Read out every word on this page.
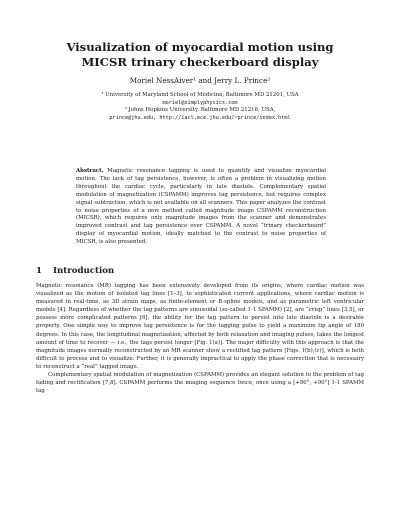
Visualization of myocardial motion using
MICSR trinary checkerboard display
Moriel NessAiver¹ and Jerry L. Prince²
¹ University of Maryland School of Medicine, Baltimore MD 21201, USA
moriel@simplyphysics.com
² Johns Hopkins University, Baltimore MD 21218, USA,
prince@jhu.edu, http://iacl.ece.jhu.edu/~prince/index.html
Abstract. Magnetic resonance tagging is used to quantify and visualize myocardial motion. The lack of tag persistence, however, is often a problem in visualizing motion throughout the cardiac cycle, particularly in late diastole. Complementary spatial modulation of magnetization (CSPAMM) improves tag persistence, but requires complex signal subtraction, which is not available on all scanners. This paper analyzes the contrast to noise properties of a new method called magnitude image CSPAMM reconstruction (MICSR), which requires only magnitude images from the scanner and demonstrates improved contrast and tag persistence over CSPAMM. A novel “trinary checkerboard” display of myocardial motion, ideally matched to the contrast to noise properties of MICSR, is also presented.
1 Introduction

Magnetic resonance (MR) tagging has been extensively developed from its origins, where cardiac motion was visualized as the motion of isolated tag lines [1–3], to sophisticated current applications, where cardiac motion is measured in real-time, as 3D strain maps, as finite-element or B-spline models, and as parametric left ventricular models [4]. Regardless of whether the tag patterns are sinusoidal (so-called 1-1 SPAMM) [2], are “crisp” lines [3,5], or possess more complicated patterns [6], the ability for the tag pattern to persist into late diastole is a desirable property. One simple way to improve tag persistence is for the tagging pulse to yield a maximum tip angle of 180 degrees. In this case, the longitudinal magnetization, affected by both relaxation and imaging pulses, takes the longest amount of time to recover — i.e., the tags persist longer [Fig. 1(a)]. The major difficulty with this approach is that the magnitude images normally reconstructed by an MR scanner show a rectified tag pattern [Figs. 1(b),(c)], which is both difficult to process and to visualize. Further, it is generally impractical to apply the phase correction that is necessary to reconstruct a “real” tagged image.

Complementary spatial modulation of magnetization (CSPAMM) provides an elegant solution to the problem of tag fading and rectification [7,8]. CSPAMM performs the imaging sequence twice, once using a [+90°, +90°] 1-1 SPAMM tag
